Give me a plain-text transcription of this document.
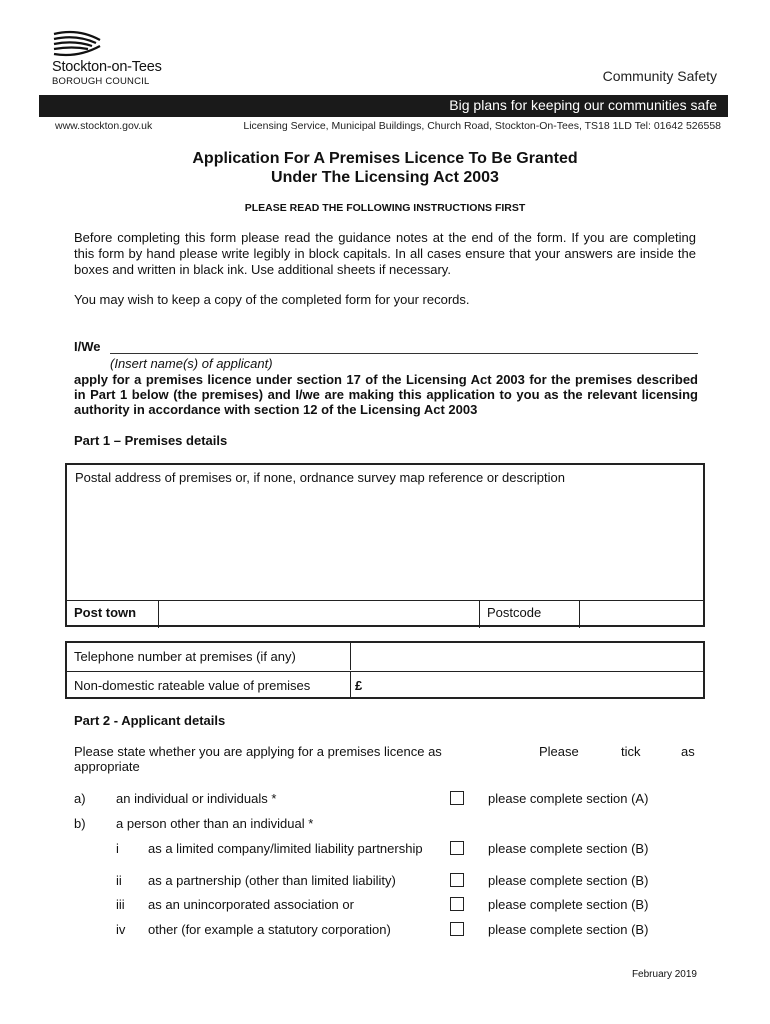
Stockton-on-Tees
BOROUGH COUNCIL	Community Safety
Big plans for keeping our communities safe
www.stockton.gov.uk	Licensing Service, Municipal Buildings, Church Road, Stockton-On-Tees, TS18 1LD Tel: 01642 526558
Application For A Premises Licence To Be Granted
Under The Licensing Act 2003
PLEASE READ THE FOLLOWING INSTRUCTIONS FIRST
Before completing this form please read the guidance notes at the end of the form. If you are completing this form by hand please write legibly in block capitals. In all cases ensure that your answers are inside the boxes and written in black ink. Use additional sheets if necessary.
You may wish to keep a copy of the completed form for your records.
I/We
(Insert name(s) of applicant)
apply for a premises licence under section 17 of the Licensing Act 2003 for the premises described in Part 1 below (the premises) and I/we are making this application to you as the relevant licensing authority in accordance with section 12 of the Licensing Act 2003
Part 1 – Premises details
Postal address of premises or, if none, ordnance survey map reference or description
Post town	Postcode
Telephone number at premises (if any)
Non-domestic rateable value of premises	£
Part 2 - Applicant details
Please state whether you are applying for a premises licence as appropriate
Please	tick	as
a) an individual or individuals *	please complete section (A)
b) a person other than an individual *
i as a limited company/limited liability partnership	please complete section (B)
ii as a partnership (other than limited liability)	please complete section (B)
iii as an unincorporated association or	please complete section (B)
iv other (for example a statutory corporation)	please complete section (B)
February 2019
